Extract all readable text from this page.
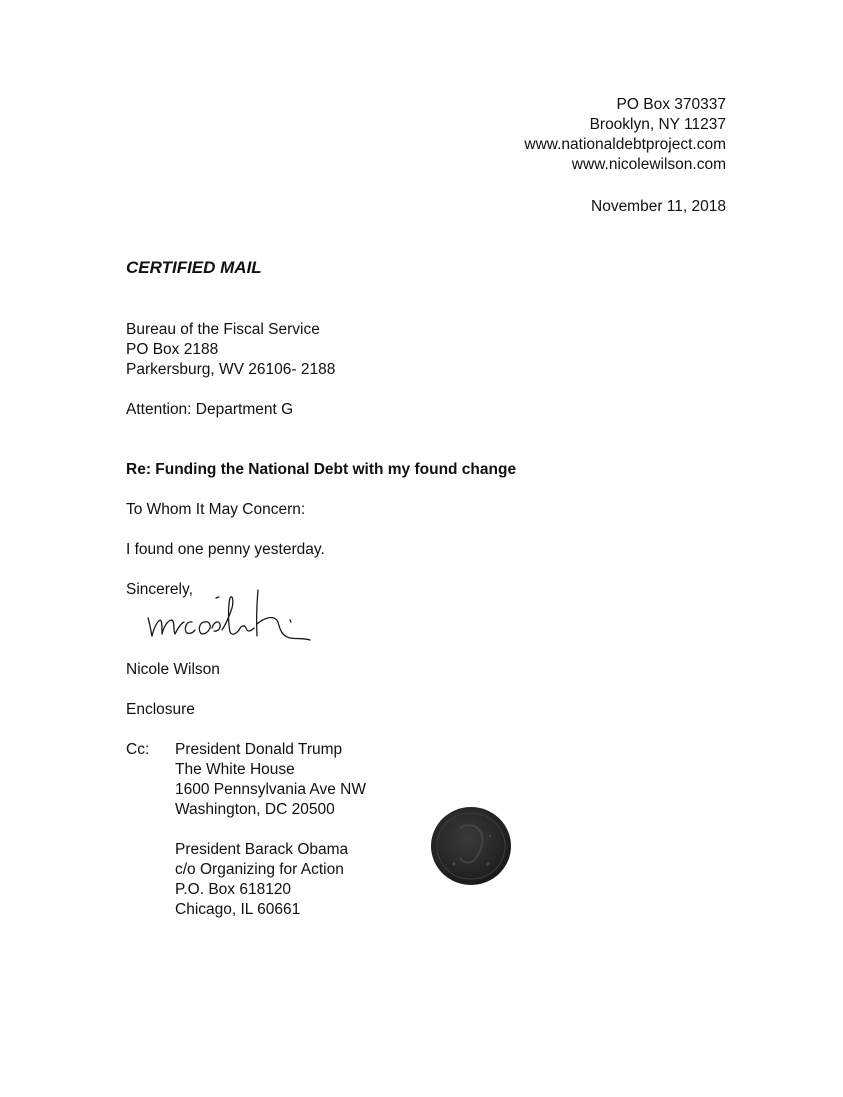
PO Box 370337
Brooklyn, NY 11237
www.nationaldebtproject.com
www.nicolewilson.com
November 11, 2018
CERTIFIED MAIL
Bureau of the Fiscal Service
PO Box 2188
Parkersburg, WV 26106- 2188
Attention: Department G
Re: Funding the National Debt with my found change
To Whom It May Concern:
I found one penny yesterday.
Sincerely,
Nicole Wilson
Enclosure
Cc: President Donald Trump
The White House
1600 Pennsylvania Ave NW
Washington, DC 20500
President Barack Obama
c/o Organizing for Action
P.O. Box 618120
Chicago, IL 60661
